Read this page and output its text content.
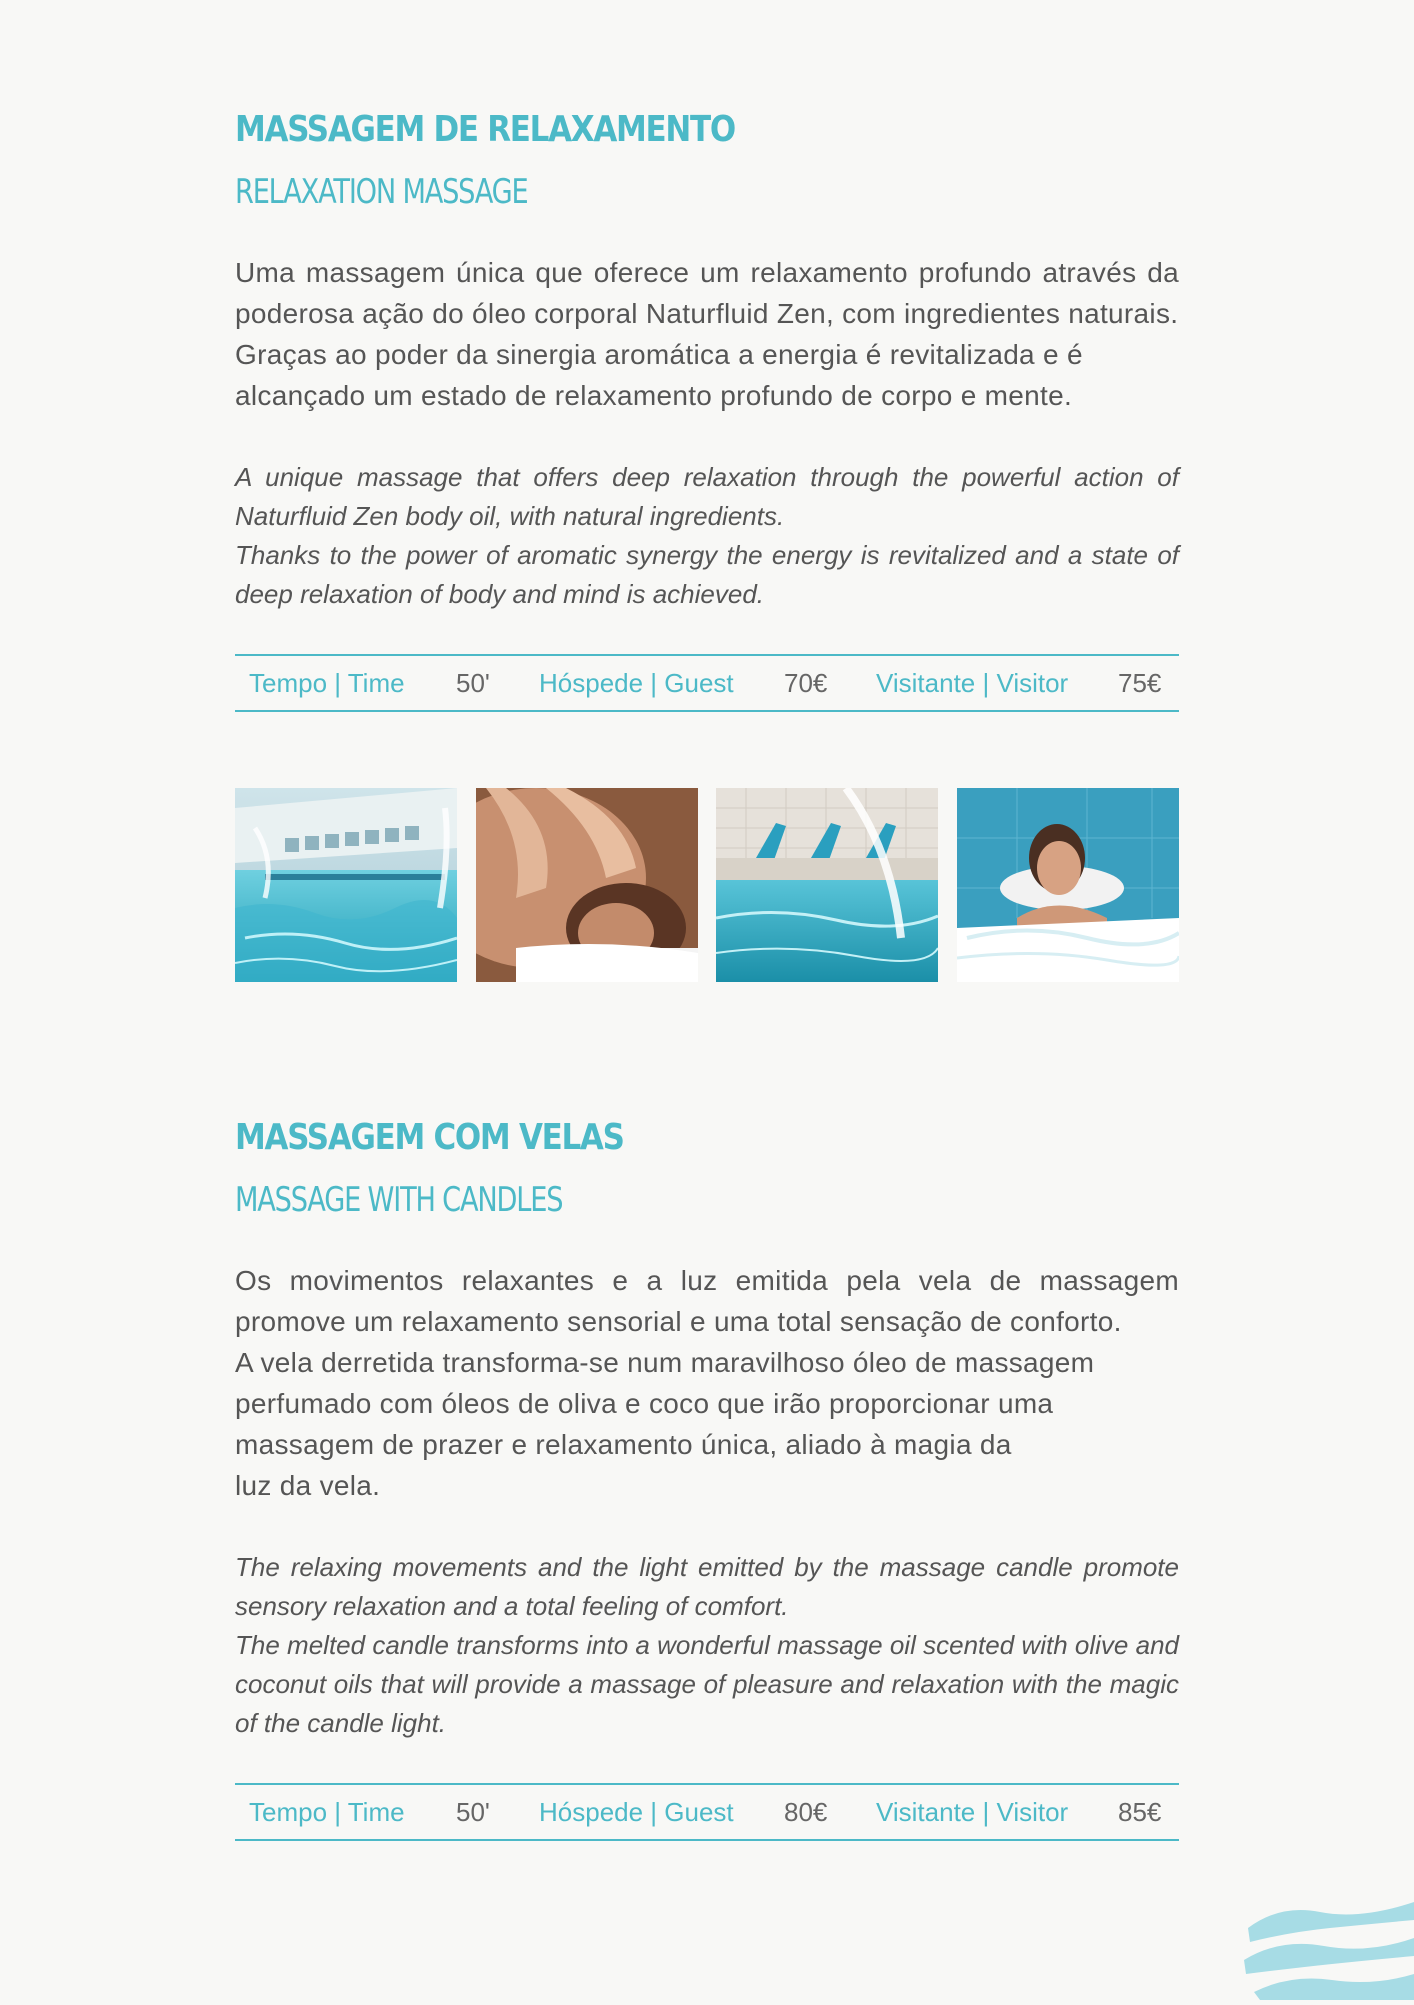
MASSAGEM DE RELAXAMENTO
RELAXATION MASSAGE

Uma massagem única que oferece um relaxamento profundo através da poderosa ação do óleo corporal Naturfluid Zen, com ingredientes naturais.

Graças ao poder da sinergia aromática a energia é revitalizada e é alcançado um estado de relaxamento profundo de corpo e mente.

A unique massage that offers deep relaxation through the powerful action of Naturfluid Zen body oil, with natural ingredients.

Thanks to the power of aromatic synergy the energy is revitalized and a state of deep relaxation of body and mind is achieved.

Tempo | Time 50' Hóspede | Guest 70€ Visitante | Visitor 75€
MASSAGEM COM VELAS
MASSAGE WITH CANDLES

Os movimentos relaxantes e a luz emitida pela vela de massagem promove um relaxamento sensorial e uma total sensação de conforto.

A vela derretida transforma-se num maravilhoso óleo de massagem perfumado com óleos de oliva e coco que irão proporcionar uma massagem de prazer e relaxamento única, aliado à magia da

luz da vela.

The relaxing movements and the light emitted by the massage candle promote sensory relaxation and a total feeling of comfort.

The melted candle transforms into a wonderful massage oil scented with olive and coconut oils that will provide a massage of pleasure and relaxation with the magic of the candle light.

Tempo | Time 50' Hóspede | Guest 80€ Visitante | Visitor 85€
